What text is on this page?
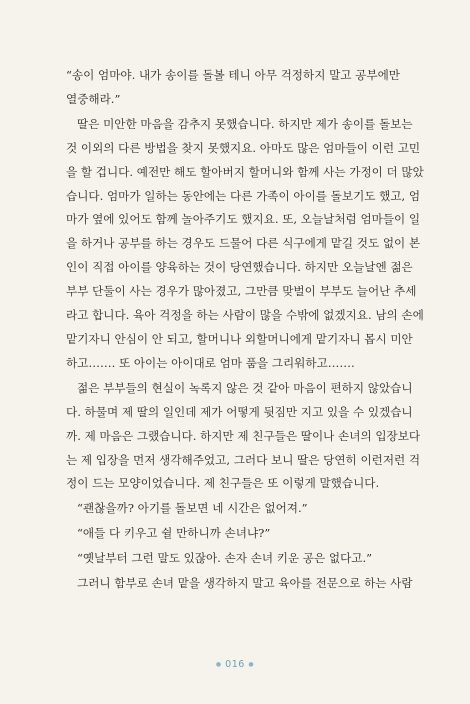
“송이 엄마야. 내가 송이를 돌볼 테니 아무 걱정하지 말고 공부에만
열중해라.”
딸은 미안한 마음을 감추지 못했습니다. 하지만 제가 송이를 돌보는
것 이외의 다른 방법을 찾지 못했지요. 아마도 많은 엄마들이 이런 고민
을 할 겁니다. 예전만 해도 할아버지 할머니와 함께 사는 가정이 더 많았
습니다. 엄마가 일하는 동안에는 다른 가족이 아이를 돌보기도 했고, 엄
마가 옆에 있어도 함께 놀아주기도 했지요. 또, 오늘날처럼 엄마들이 일
을 하거나 공부를 하는 경우도 드물어 다른 식구에게 맡길 것도 없이 본
인이 직접 아이를 양육하는 것이 당연했습니다. 하지만 오늘날엔 젊은
부부 단둘이 사는 경우가 많아졌고, 그만큼 맞벌이 부부도 늘어난 추세
라고 합니다. 육아 걱정을 하는 사람이 많을 수밖에 없겠지요. 남의 손에
맡기자니 안심이 안 되고, 할머니나 외할머니에게 맡기자니 몹시 미안
하고……. 또 아이는 아이대로 엄마 품을 그리워하고…….
젊은 부부들의 현실이 녹록지 않은 것 같아 마음이 편하지 않았습니
다. 하물며 제 딸의 일인데 제가 어떻게 뒷짐만 지고 있을 수 있겠습니
까. 제 마음은 그랬습니다. 하지만 제 친구들은 딸이나 손녀의 입장보다
는 제 입장을 먼저 생각해주었고, 그러다 보니 딸은 당연히 이런저런 걱
정이 드는 모양이었습니다. 제 친구들은 또 이렇게 말했습니다.
“괜찮을까? 아기를 돌보면 네 시간은 없어져.”
“애들 다 키우고 쉴 만하니까 손녀냐?”
“옛날부터 그런 말도 있잖아. 손자 손녀 키운 공은 없다고.”
그러니 함부로 손녀 맡을 생각하지 말고 육아를 전문으로 하는 사람
● 016 ●
